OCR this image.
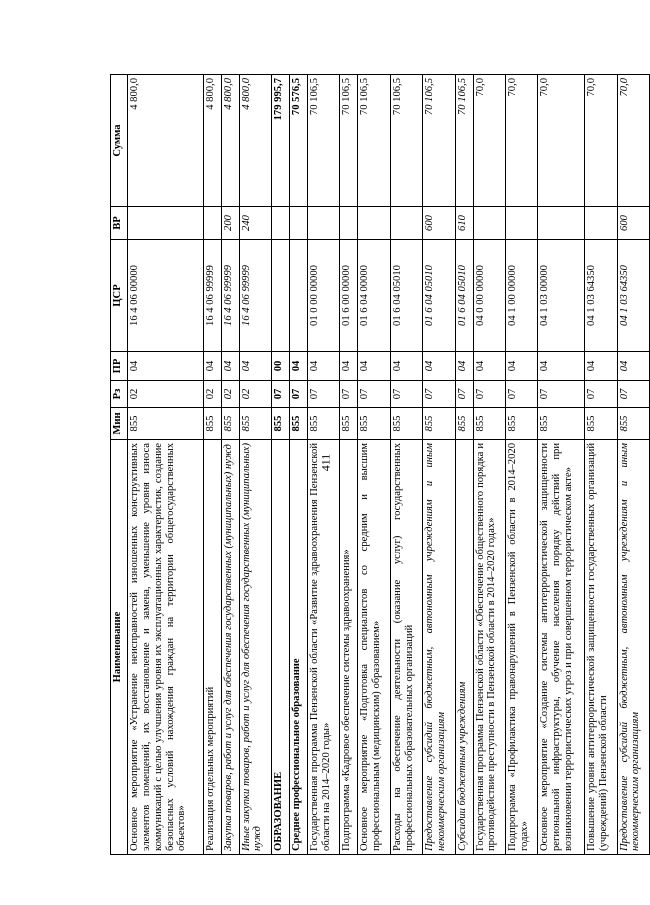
411
Наименование	Мин	Рз	ПР	ЦСР	ВР	Сумма
Основное мероприятие «Устранение неисправностей изношенных конструктивных элементов помещений, их восстановление и замена, уменьшение уровня износа коммуникаций с целью улучшения уровня их эксплуатационных характеристик, создание безопасных условий нахождения граждан на территории общегосударственных объектов»	855	02	04	16 4 06 00000		4 800,0
Реализация отдельных мероприятий	855	02	04	16 4 06 99999		4 800,0
Закупка товаров, работ и услуг для обеспечения государственных (муниципальных) нужд	855	02	04	16 4 06 99999	200	4 800,0
Иные закупки товаров, работ и услуг для обеспечения государственных (муниципальных) нужд	855	02	04	16 4 06 99999	240	4 800,0
ОБРАЗОВАНИЕ	855	07	00			179 995,7
Среднее профессиональное образование	855	07	04			70 576,5
Государственная программа Пензенской области «Развитие здравоохранения Пензенской области на 2014–2020 годы»	855	07	04	01 0 00 00000		70 106,5
Подпрограмма «Кадровое обеспечение системы здравоохранения»	855	07	04	01 6 00 00000		70 106,5
Основное мероприятие «Подготовка специалистов со средним и высшим профессиональным (медицинским) образованием»	855	07	04	01 6 04 00000		70 106,5
Расходы на обеспечение деятельности (оказание услуг) государственных профессиональных образовательных организаций	855	07	04	01 6 04 05010		70 106,5
Предоставление субсидий бюджетным, автономным учреждениям и иным некоммерческим организациям	855	07	04	01 6 04 05010	600	70 106,5
Субсидии бюджетным учреждениям	855	07	04	01 6 04 05010	610	70 106,5
Государственная программа Пензенской области «Обеспечение общественного порядка и противодействие преступности в Пензенской области в 2014–2020 годах»	855	07	04	04 0 00 00000		70,0
Подпрограмма «Профилактика правонарушений в Пензенской области в 2014–2020 годах»	855	07	04	04 1 00 00000		70,0
Основное мероприятие «Создание системы антитеррористической защищенности региональной инфраструктуры, обучение населения порядку действий при возникновении террористических угроз и при совершенном террористическом акте»	855	07	04	04 1 03 00000		70,0
Повышение уровня антитеррористической защищенности государственных организаций (учреждений) Пензенской области	855	07	04	04 1 03 64350		70,0
Предоставление субсидий бюджетным, автономным учреждениям и иным некоммерческим организациям	855	07	04	04 1 03 64350	600	70,0
